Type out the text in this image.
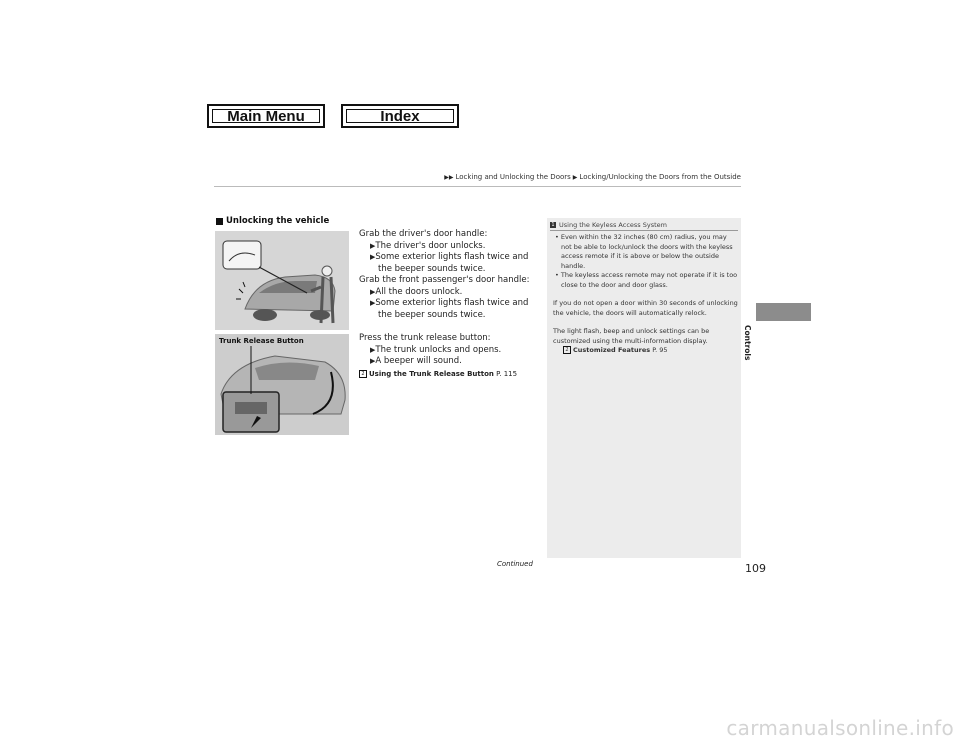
Main Menu	Index
▶▶ Locking and Unlocking the Doors ▶ Locking/Unlocking the Doors from the Outside
Unlocking the vehicle
Trunk Release Button

Grab the driver's door handle:

▶The driver's door unlocks.

▶Some exterior lights flash twice and the beeper sounds twice.

Grab the front passenger's door handle:

▶All the doors unlock.

▶Some exterior lights flash twice and the beeper sounds twice.

Press the trunk release button:

▶The trunk unlocks and opens.

▶A beeper will sound.

2 Using the Trunk Release Button P. 115

1 Using the Keyless Access System

• Even within the 32 inches (80 cm) radius, you may not be able to lock/unlock the doors with the keyless access remote if it is above or below the outside handle.

• The keyless access remote may not operate if it is too close to the door and door glass.

If you do not open a door within 30 seconds of unlocking the vehicle, the doors will automatically relock.

The light flash, beep and unlock settings can be customized using the multi-information display.

2 Customized Features P. 95	Controls
Continued	109
carmanualsonline.info
